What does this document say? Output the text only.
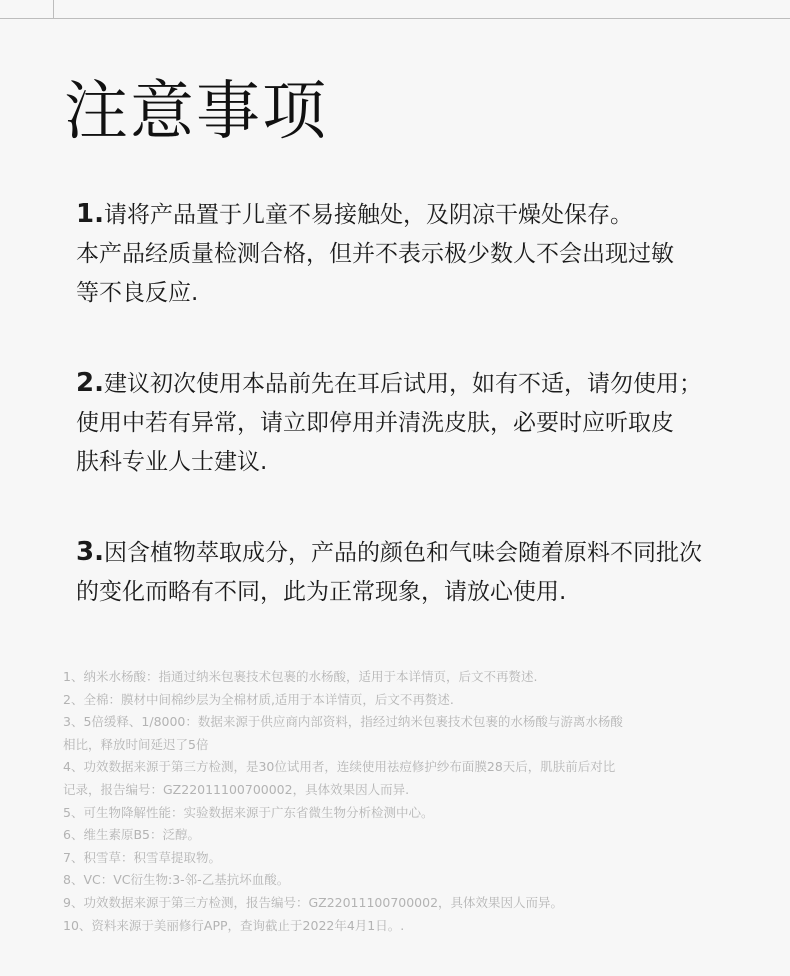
注意事项

1.请将产品置于儿童不易接触处，及阴凉干燥处保存。
本产品经质量检测合格，但并不表示极少数人不会出现过敏
等不良反应.

2.建议初次使用本品前先在耳后试用，如有不适，请勿使用；
使用中若有异常，请立即停用并清洗皮肤，必要时应听取皮
肤科专业人士建议.

3.因含植物萃取成分，产品的颜色和气味会随着原料不同批次
的变化而略有不同，此为正常现象，请放心使用.

1、纳米水杨酸：指通过纳米包裹技术包裹的水杨酸，适用于本详情页，后文不再赘述.
2、全棉：膜材中间棉纱层为全棉材质,适用于本详情页，后文不再赘述.
3、5倍缓释、1/8000：数据来源于供应商内部资料，指经过纳米包裹技术包裹的水杨酸与游离水杨酸
相比，释放时间延迟了5倍
4、功效数据来源于第三方检测，是30位试用者，连续使用祛痘修护纱布面膜28天后，肌肤前后对比
记录，报告编号：GZ22011100700002，具体效果因人而异.
5、可生物降解性能：实验数据来源于广东省微生物分析检测中心。
6、维生素原B5：泛醇。
7、积雪草：积雪草提取物。
8、VC：VC衍生物:3-邻-乙基抗坏血酸。
9、功效数据来源于第三方检测，报告编号：GZ22011100700002，具体效果因人而异。
10、资料来源于美丽修行APP，查询截止于2022年4月1日。.
